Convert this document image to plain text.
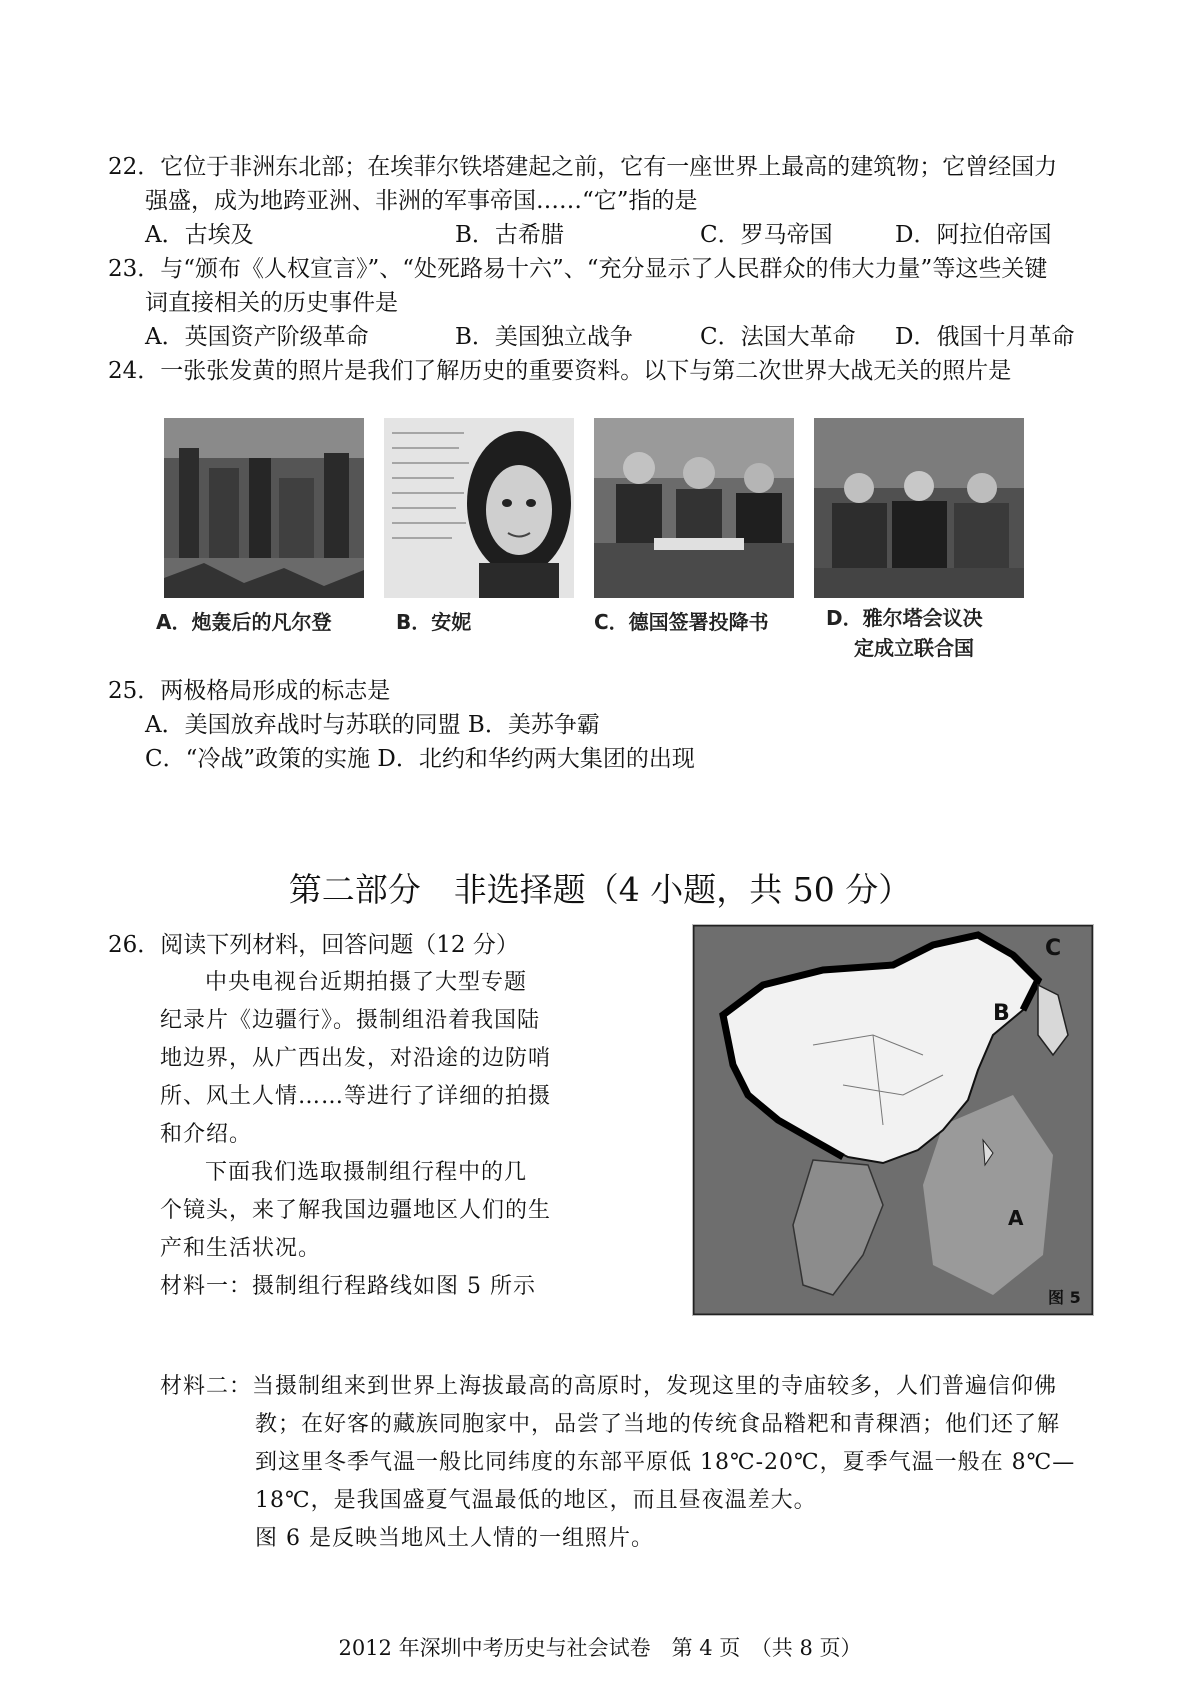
22．它位于非洲东北部；在埃菲尔铁塔建起之前，它有一座世界上最高的建筑物；它曾经国力
强盛，成为地跨亚洲、非洲的军事帝国……“它”指的是
A．古埃及	B．古希腊	C．罗马帝国	D．阿拉伯帝国
23．与“颁布《人权宣言》”、“处死路易十六”、“充分显示了人民群众的伟大力量”等这些关键
词直接相关的历史事件是
A．英国资产阶级革命	B．美国独立战争	C．法国大革命 D．俄国十月革命
24．一张张发黄的照片是我们了解历史的重要资料。以下与第二次世界大战无关的照片是
A．炮轰后的凡尔登	B．安妮	C．德国签署投降书	D．雅尔塔会议决
定成立联合国
25．两极格局形成的标志是
A．美国放弃战时与苏联的同盟 B．美苏争霸
C．“冷战”政策的实施 D．北约和华约两大集团的出现
第二部分　非选择题（4 小题，共 50 分）
26．阅读下列材料，回答问题（12 分）
中央电视台近期拍摄了大型专题
纪录片《边疆行》。摄制组沿着我国陆
地边界，从广西出发，对沿途的边防哨
所、风土人情……等进行了详细的拍摄
和介绍。
下面我们选取摄制组行程中的几
个镜头，来了解我国边疆地区人们的生
产和生活状况。
材料一：摄制组行程路线如图 5 所示
C
B
A
图 5
材料二：当摄制组来到世界上海拔最高的高原时，发现这里的寺庙较多，人们普遍信仰佛
教；在好客的藏族同胞家中，品尝了当地的传统食品糌粑和青稞酒；他们还了解
到这里冬季气温一般比同纬度的东部平原低 18℃-20℃，夏季气温一般在 8℃—
18℃，是我国盛夏气温最低的地区，而且昼夜温差大。
图 6 是反映当地风土人情的一组照片。
2012 年深圳中考历史与社会试卷　第 4 页　（共 8 页）
